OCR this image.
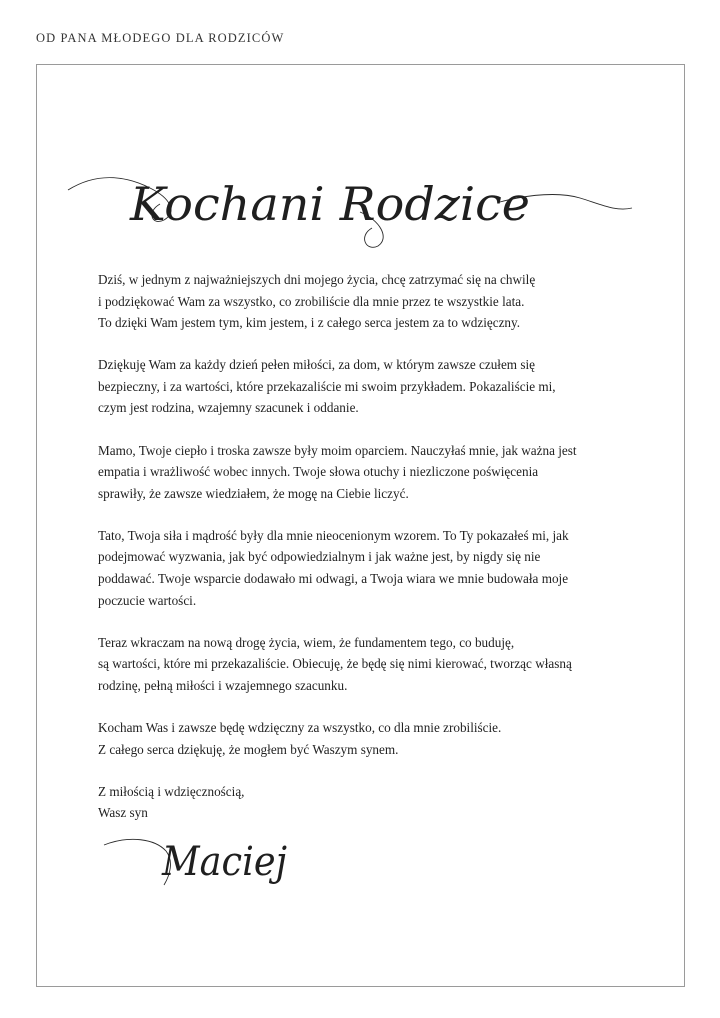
OD PANA MŁODEGO DLA RODZICÓW
Kochani Rodzice
Dziś, w jednym z najważniejszych dni mojego życia, chcę zatrzymać się na chwilę
i podziękować Wam za wszystko, co zrobiliście dla mnie przez te wszystkie lata.
To dzięki Wam jestem tym, kim jestem, i z całego serca jestem za to wdzięczny.
Dziękuję Wam za każdy dzień pełen miłości, za dom, w którym zawsze czułem się
bezpieczny, i za wartości, które przekazaliście mi swoim przykładem. Pokazaliście mi,
czym jest rodzina, wzajemny szacunek i oddanie.
Mamo, Twoje ciepło i troska zawsze były moim oparciem. Nauczyłaś mnie, jak ważna jest
empatia i wrażliwość wobec innych. Twoje słowa otuchy i niezliczone poświęcenia
sprawiły, że zawsze wiedziałem, że mogę na Ciebie liczyć.
Tato, Twoja siła i mądrość były dla mnie nieocenionym wzorem. To Ty pokazałeś mi, jak
podejmować wyzwania, jak być odpowiedzialnym i jak ważne jest, by nigdy się nie
poddawać. Twoje wsparcie dodawało mi odwagi, a Twoja wiara we mnie budowała moje
poczucie wartości.
Teraz wkraczam na nową drogę życia, wiem, że fundamentem tego, co buduję,
są wartości, które mi przekazaliście. Obiecuję, że będę się nimi kierować, tworząc własną
rodzinę, pełną miłości i wzajemnego szacunku.
Kocham Was i zawsze będę wdzięczny za wszystko, co dla mnie zrobiliście.
Z całego serca dziękuję, że mogłem być Waszym synem.
Z miłością i wdzięcznością,
Wasz syn
Maciej
